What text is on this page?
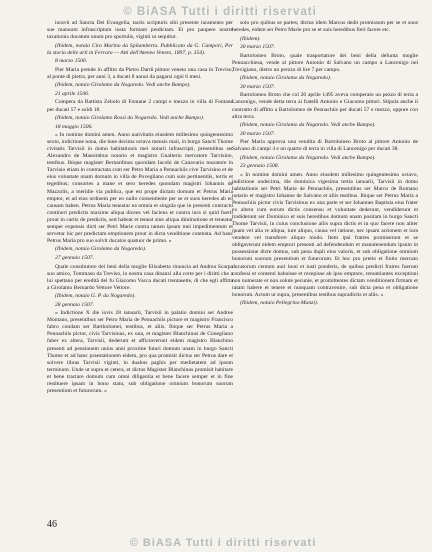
© BiASA Tutti i diritti riservati

iuravit ad Sancta Dei Evangelia, tactis scripturis sibi presente iuramento per sue manuum infrascriptum iusta formam predictam. Et pro paupere nostre taxationis ducatum unum pro sportulis, viginti ut sequitur.

(Ibidem, notaio Ciro Marino da Spilamberto. Pubblicato da G. Campori, Per la storia delle arti in Ferrara — Atti dell'Ateneo Veneto, 1897, p. 354).

8 marzo 1506.

Pier Maria prende in affitto da Pietro Dardi pittore veneto una casa in Treviso, al ponte di pietra, per anni 3, a ducati 8 annui da pagarsi ogni 6 mesi.

(Ibidem, notaio Girolamo da Nogaredo. Vedi anche Bampo).

21 aprile 1506.

Compera da Battista Zebolo di Fontane 2 campi e mezzo in villa di Fontane per ducati 57 e soldi 18.

(Ibidem, notaio Girolamo Rossi da Nogaredo. Vedi anche Bampo).

18 maggio 1506.

« In nomine domini amen. Anno nativitatis eiusdem millesimo quingentesimo sexto, indictione nona, die lune decima octava mensis maii, in burgo Sancti Thome civitatis Tarvisii in domo habitationis mei notarii infrascripti, presentibus ser Alexandro de Massimbus notario et magistro Gualterio mercatore Tarvisino, testibus. Ibique magister Bernardinus quondam Iacobi de Canavario muratore in Tarvisio etiam in contractata cum ser Petro Maria a Pennachiis cive Tarvisino et de eius voluntate unam domum in villa de Povegliano cum suis pertinentiis, terris et tegetibus; consortes a mane et sero heredes quondam magistri Iohannis de Mazzolis, a meridie via publica, que est prope dictam domum et Petrus Maria emptor, et ad eius ordinem per eo nullo consentiente per se et suos heredes ab eo causam haben. Petrus Maria teneatur ea omnia et singula que in presenti contractu contineri predictis maxime aliqua dicens vel faciens et contra iura si quid fuerit prout in cartis de predictis, sed habeat et teneat sine aliqua diminutione et teneatur semper expensis dicti ser Petri Marie contra tamen ipsum mei impedimentum et servetur hic per predictam emptionem prout in dicta venditione contenta. Ad hanc Petrus Maria pro suo solvit ducatos quatuor de primo. »

(Ibidem, notaio Girolamo da Nogaredo).

27 gennaio 1507.

Quale constitutore dei beni della moglie Elisabetta rinuncia ad Andrea Scarpa suo amico, Tommaso da Treviso, la nostra casa dinanzi alla corte per i diritti che a lui spettano per eredità del fu Giacomo Vacca ducati trentasette, di che egli affitta a Girolamo Bernardo Vettore Vettore.

(Ibidem, notaio G. P. da Nogaredo).

28 gennaio 1507.

« Indictione X die iovis 28 ianuarii, Tarvisii in palatio domini ser Andree Montano, presentibus ser Petro Maria de Pennachiis pictore et magistro Francisco fabro condam ser Bartholomei, testibus, et aliis. Ibique ser Petrus Maria a Pennachiis pictor, civis Tarvisinus, ex una, et magister Blanchinus de Conegliano faber ex altera, Tarvisii, dederunt et affictaverunt eidem magistro Blanchino presenti ad pensionem unius anni proxime futuri domum unam in burgo Sancti Thome et ad hanc praestationem eidem, pro qua promisit dictus ser Petrus dare et solvere libras Tarvisii viginti, in duabus paghis per medietatem ad ipsum terminum. Unde ut supra et cetera, et dictus Magister Blanchinus promisit habitare et bene tractare domum cum omni diligentia et bene facere semper et in fine restituere ipsam in bono statu, sub obligatione omnium bonorum suorum presentium et futurorum. »

solo pro quibus se partes; dictus idem Marcus dedit promissum per se et suos heredes, eidem ser Petro Marie pro se et suis heredibus fieri facere etc.

(Ibidem).

30 marzo 1507.

Bartolomeo Broto, quale trasportatore dei beni della defunta moglie Pennacchiesa, vende al pittore Antonio di Salvano un campo a Lancenigo nel Trevigiano, dietro un prezzo di lire 7 per campo.

(Ibidem, notaio Girolamo da Nogaredo).

30 marzo 1507.

Bartolomeo Broto che col 20 aprile 1495 aveva comperato un pezzo di terra a Lancenigo, vende detta terra ai fratelli Antonio e Giacomo pittori. Stipula anche il contratto di affitto a Bartolomeo de Pennachiis per ducati 57 e mezzo, oppure con altra terra.

(Ibidem, notaio Girolamo da Nogaredo. Vedi anche Bampo).

30 marzo 1507.

Pier Maria approva una vendita di Bartolomeo Broto al pittore Antonio de Salvano di campi 4 e un quarto di terra in villa di Lancenigo per ducati 38.

(Ibidem, notaio Girolamo da Nogaredo. Vedi anche Bampo).

23 gennaio 1508.

« In nomine domini amen. Anno eiusdem millesimo quingentesimo octavo, indictione undecima, die dominica vigesima tertia ianuarii, Tarvisii in domo habitationis ser Petri Marie de Pennachiis, presentibus ser Marco de Romano notario et magistro Iohanne de Salvano et aliis testibus. Ibique ser Petrus Maria a Pennachiis pictor civis Tarvisinus ex una parte et ser Iohannes Baptista eius frater ex altera cum eorum dictis consensu et voluntate dederunt, vendiderunt et tradiderunt ser Dominico et suis heredibus domum unam positam in burgo Sancti Thome Tarvisii, in cuius conclusione aliis supra dictis et in quo facere non aliter quam vel alia re aliqua, iure aliquo, causa vel ratione, nec ipsam actionem et iura vendere vel transferre aliquo modo. Item ipsi fratres promiserunt et se obligaverunt eidem emptori presenti ad defendendum et manutenendum ipsum in possessione dicte domus, sub pena dupli eius valoris, et sub obligatione omnium bonorum suorum presentium et futurorum. Et hoc pro pretio et finito mercato ducatorum centum auri boni et iusti ponderis, de quibus predicti fratres fuerunt confessi et contenti habuisse et recepisse ab ipso emptore, renuntiantes exceptioni non numerate et non solute pecunie, et promittentes dictam venditionem firmam et ratam habere et tenere et nunquam contravenire, sub dicta pena et obligatione bonorum. Actum ut supra, presentibus testibus supradictis et aliis. »

(Ibidem, notaio Pellegrino Manzi).

46
© BiASA Tutti i diritti riservati
